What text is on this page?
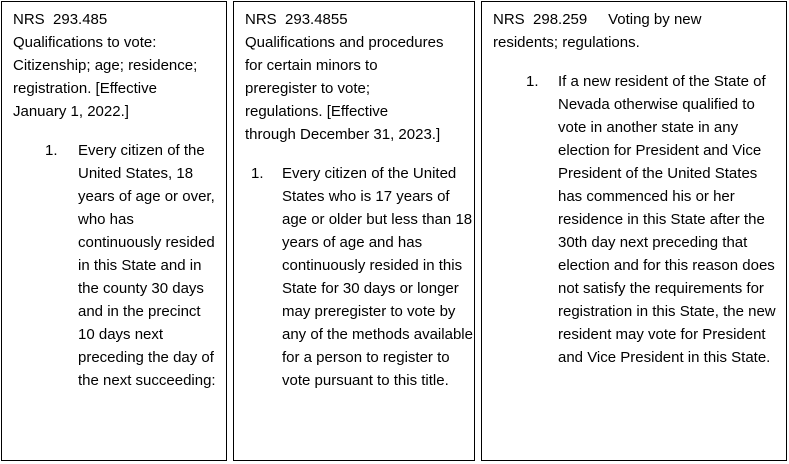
NRS  293.485
Qualifications to vote:
Citizenship; age; residence;
registration. [Effective
January 1, 2022.]

1. Every citizen of the United States, 18 years of age or over, who has continuously resided in this State and in the county 30 days and in the precinct 10 days next preceding the day of the next succeeding:

NRS  293.4855
Qualifications and procedures
for certain minors to
preregister to vote;
regulations. [Effective
through December 31, 2023.]

1. Every citizen of the United States who is 17 years of age or older but less than 18 years of age and has continuously resided in this State for 30 days or longer may preregister to vote by any of the methods available for a person to register to vote pursuant to this title.

NRS  298.259     Voting by new
residents; regulations.

1. If a new resident of the State of Nevada otherwise qualified to vote in another state in any election for President and Vice President of the United States has commenced his or her residence in this State after the 30th day next preceding that election and for this reason does not satisfy the requirements for registration in this State, the new resident may vote for President and Vice President in this State.
